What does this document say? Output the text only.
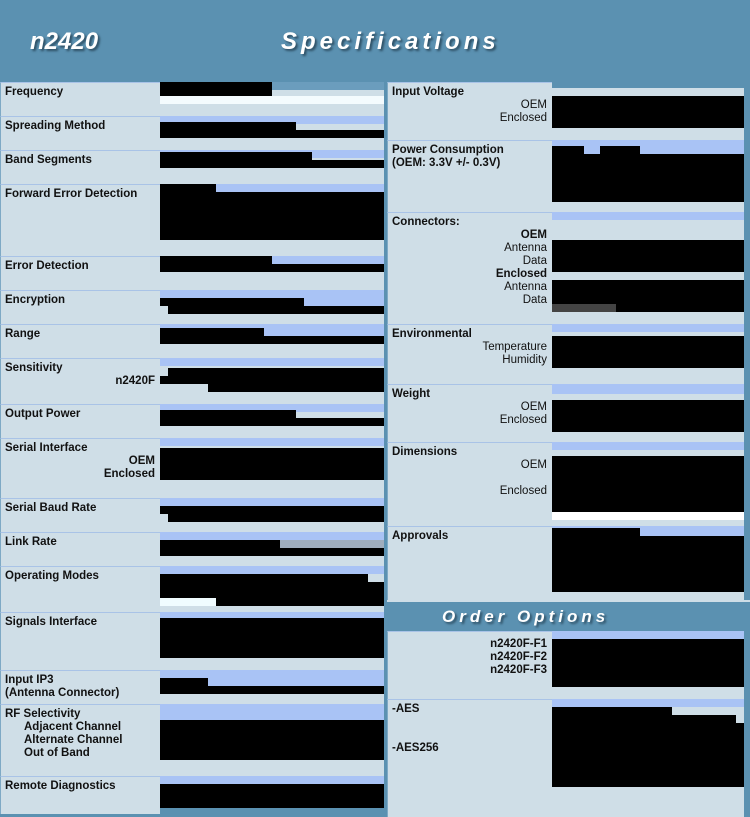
n2420	Specifications
Frequency
Spreading Method
Band Segments
Forward Error Detection
Error Detection
Encryption
Range
Sensitivity
n2420F
Output Power
Serial Interface
OEM
Enclosed
Serial Baud Rate
Link Rate
Operating Modes
Signals Interface
Input IP3
(Antenna Connector)
RF Selectivity
Adjacent Channel
Alternate Channel
Out of Band
Remote Diagnostics
Input Voltage
OEM
Enclosed
Power Consumption
(OEM: 3.3V +/- 0.3V)
Connectors:
OEM
Antenna
Data
Enclosed
Antenna
Data
Environmental
Temperature
Humidity
Weight
OEM
Enclosed
Dimensions
OEM

Enclosed
Approvals
Order Options
n2420F-F1
n2420F-F2
n2420F-F3
-AES

-AES256
